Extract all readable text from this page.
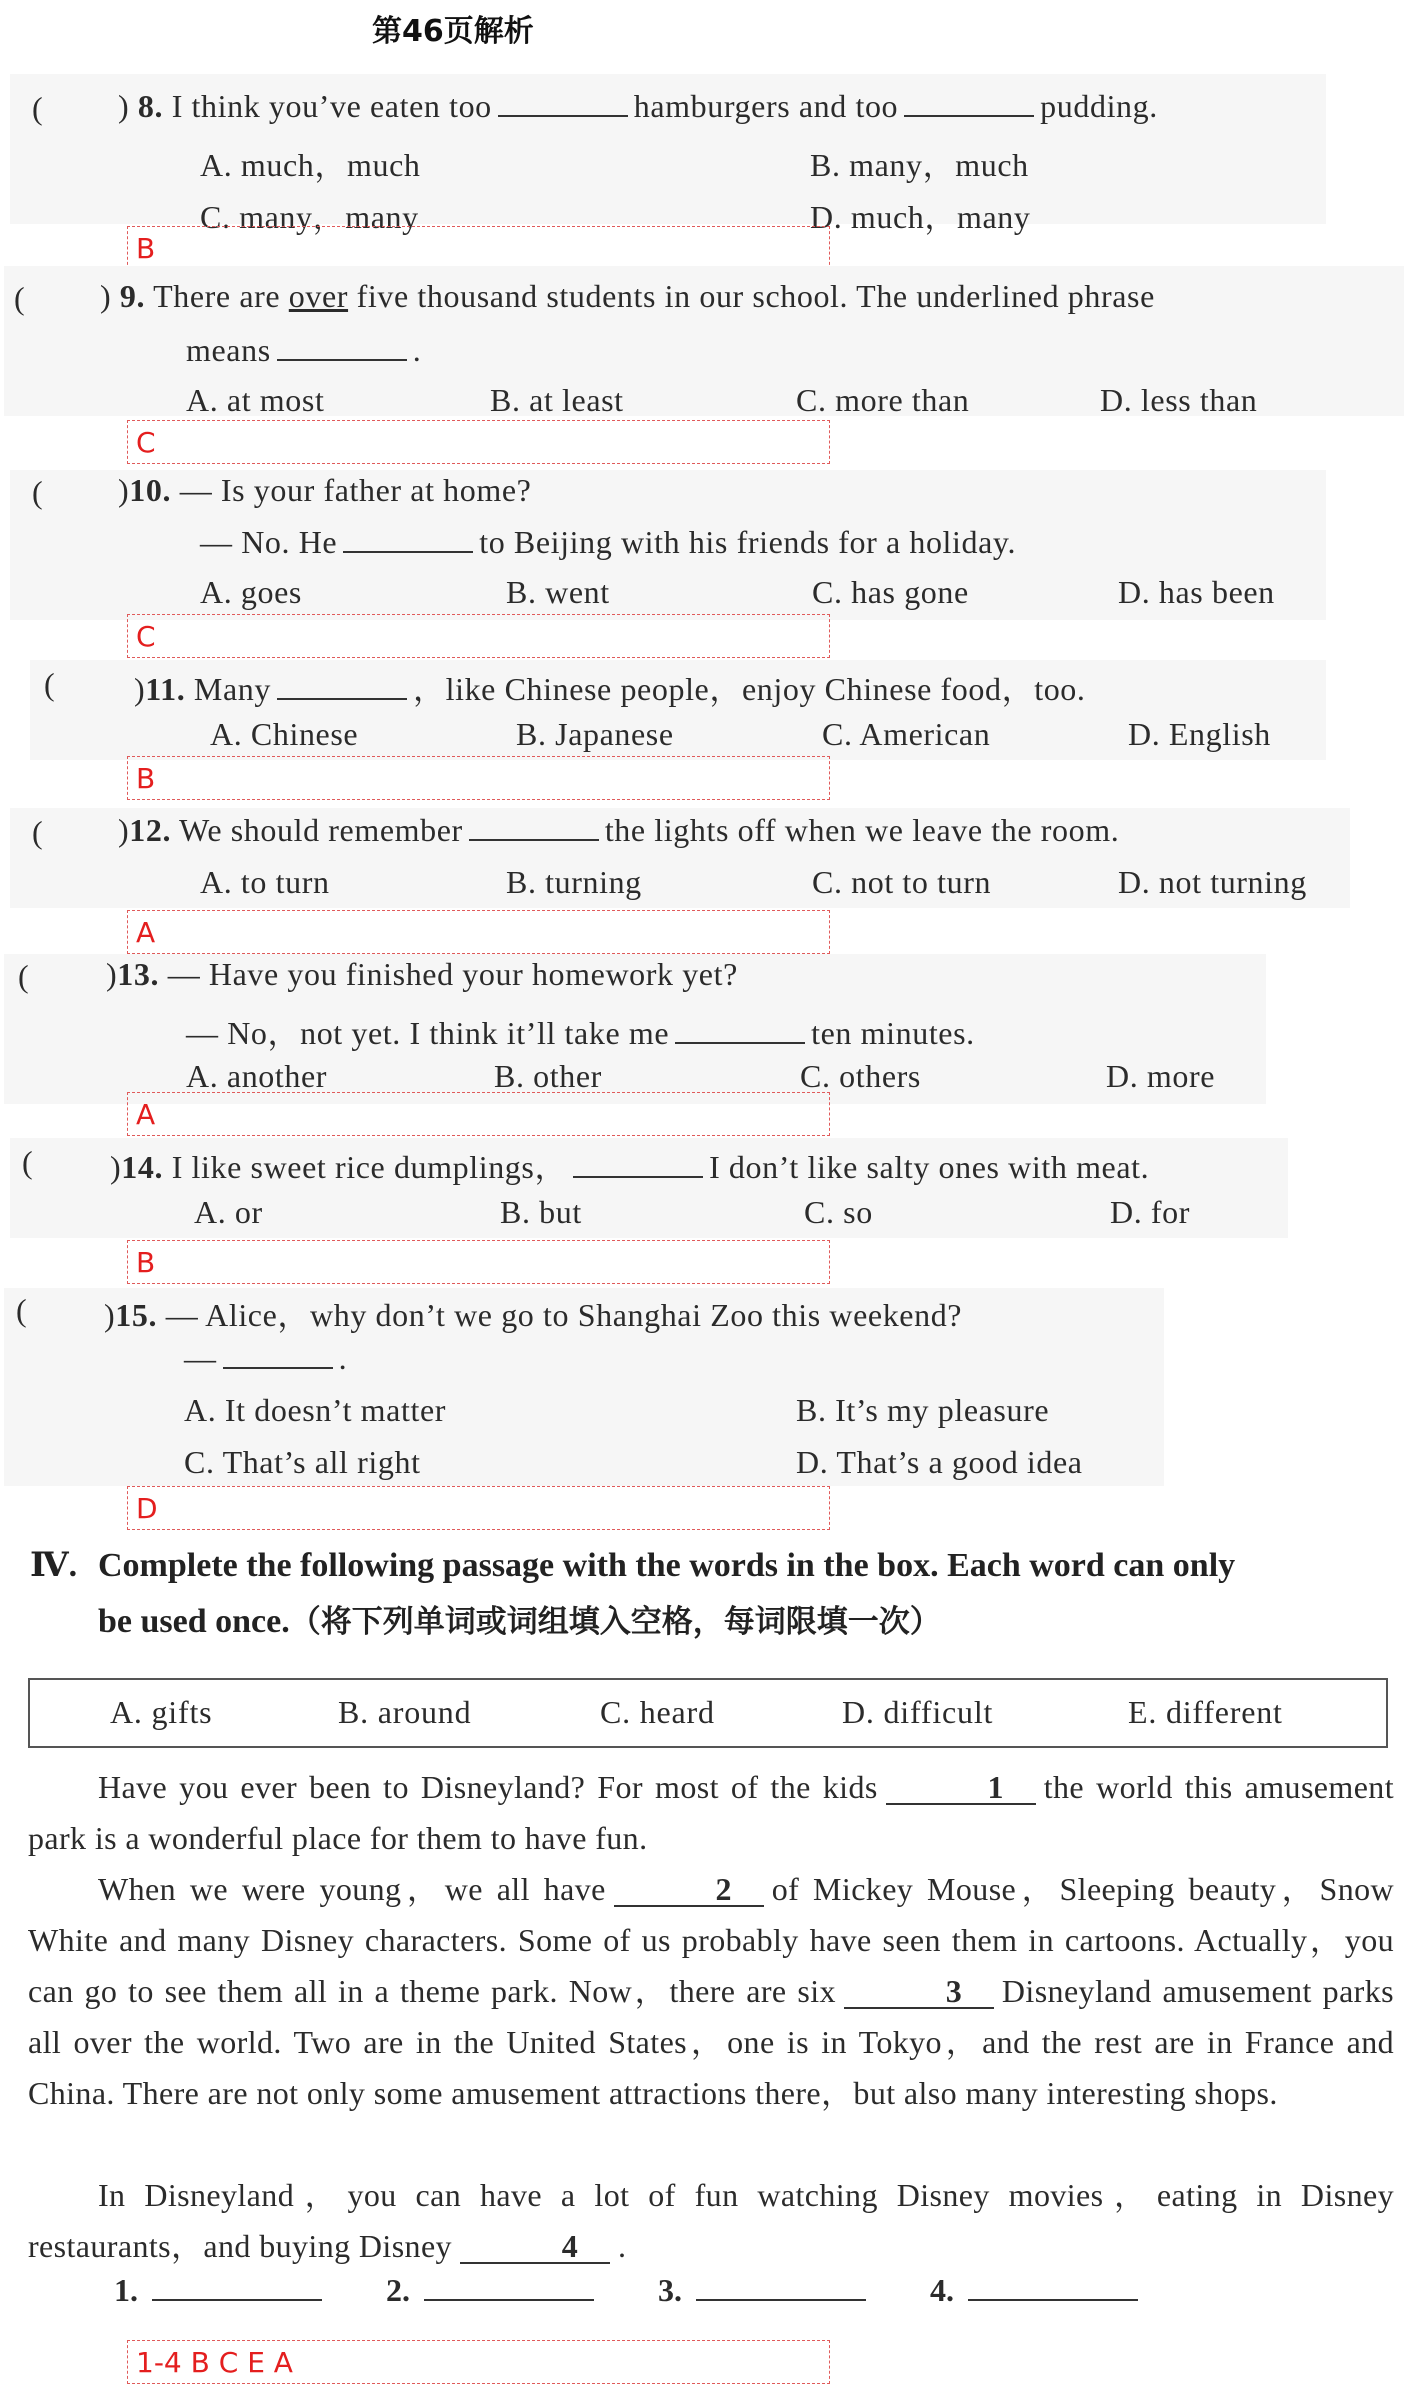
第46页解析
( ) 8. I think you’ve eaten too	hamburgers and too	pudding.
A. much，much	B. many，much
C. many，many	D. much，many
B
( ) 9. There are over five thousand students in our school. The underlined phrase
means	.
A. at most	B. at least	C. more than	D. less than
C
( )10. — Is your father at home?
— No. He	to Beijing with his friends for a holiday.
A. goes	B. went	C. has gone	D. has been
C
( )11. Many	，like Chinese people，enjoy Chinese food，too.
A. Chinese	B. Japanese	C. American	D. English
B
( )12. We should remember	the lights off when we leave the room.
A. to turn	B. turning	C. not to turn	D. not turning
A
( )13. — Have you finished your homework yet?
— No，not yet. I think it’ll take me	ten minutes.
A. another	B. other	C. others	D. more
A
( )14. I like sweet rice dumplings，	I don’t like salty ones with meat.
A. or	B. but	C. so	D. for
B
( )15. — Alice，why don’t we go to Shanghai Zoo this weekend?
—	.
A. It doesn’t matter	B. It’s my pleasure
C. That’s all right	D. That’s a good idea
D
Ⅳ. Complete the following passage with the words in the box. Each word can only
be used once.（将下列单词或词组填入空格，每词限填一次）
A. gifts	B. around	C. heard	D. difficult	E. different
Have you ever been to Disneyland? For most of the kids	1 the world this amusement park is a wonderful place for them to have fun.
When we were young，we all have	2 of Mickey Mouse，Sleeping beauty，Snow White and many Disney characters. Some of us probably have seen them in cartoons. Actually，you can go to see them all in a theme park. Now，there are six	3 Disneyland amusement parks all over the world. Two are in the United States，one is in Tokyo，and the rest are in France and China. There are not only some amusement attractions there，but also many interesting shops.
In Disneyland，you can have a lot of fun watching Disney movies，eating in Disney restaurants，and buying Disney	4 .
1.	2.	3.	4.
1-4 B C E A
